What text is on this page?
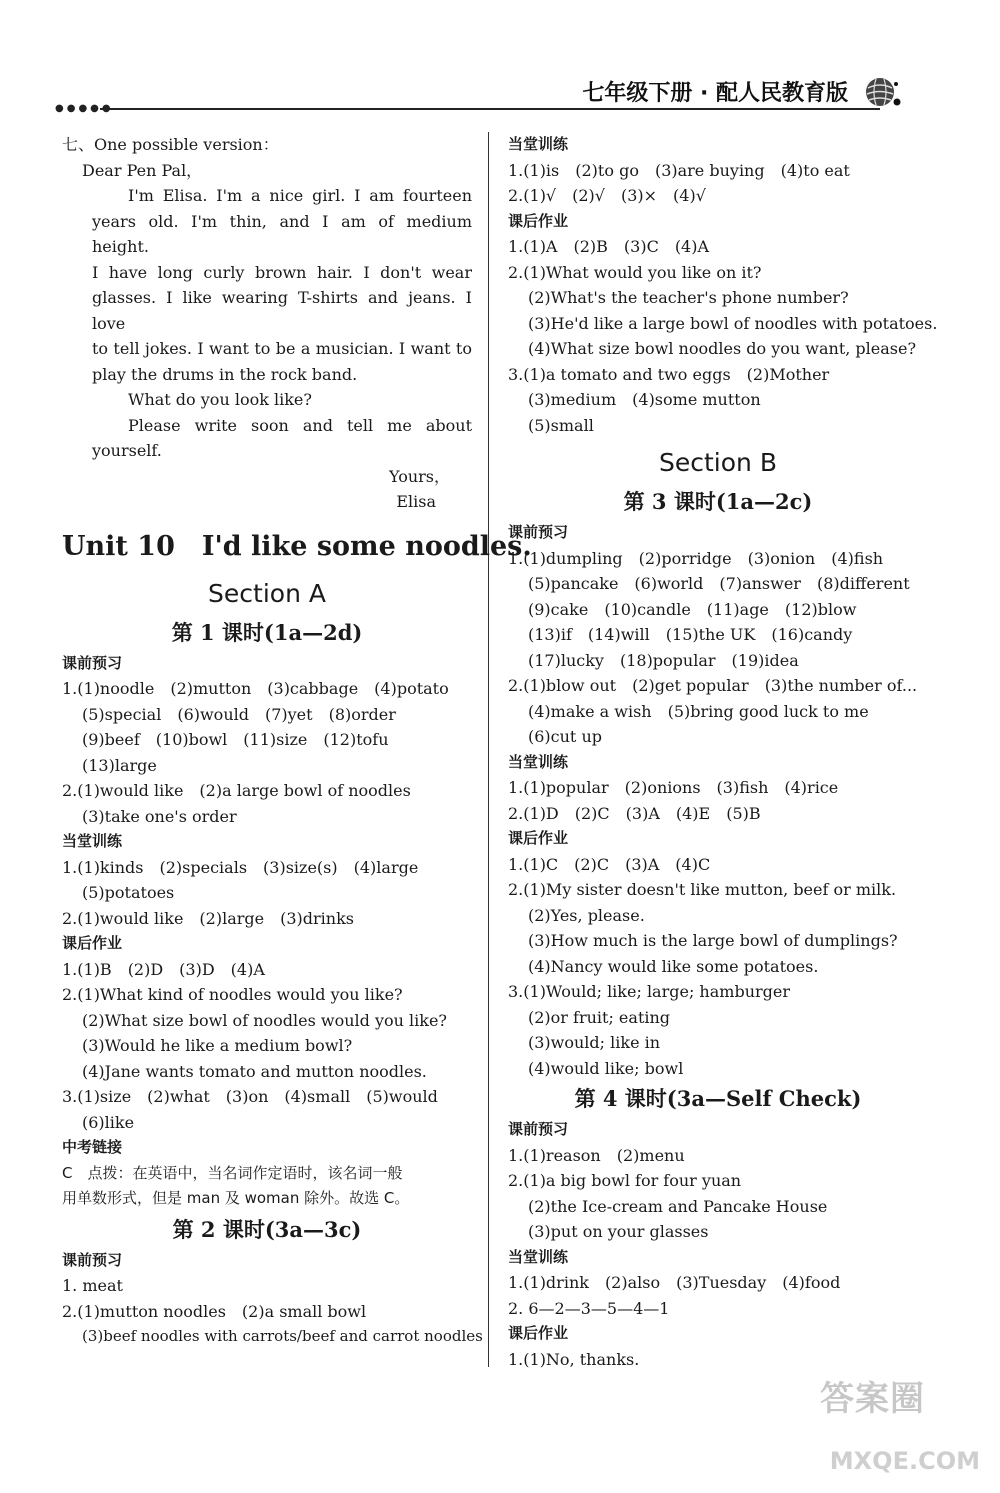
●●●●●
七年级下册 · 配人民教育版
七、One possible version：
Dear Pen Pal，
I'm Elisa. I'm a nice girl. I am fourteen
years old. I'm thin, and I am of medium height.
I have long curly brown hair. I don't wear
glasses. I like wearing T-shirts and jeans. I love
to tell jokes. I want to be a musician. I want to
play the drums in the rock band.
What do you look like?
Please write soon and tell me about
yourself.
Yours，
Elisa
Unit 10　I'd like some noodles.
Section A
第 1 课时(1a—2d)
课前预习
1.(1)noodle　(2)mutton　(3)cabbage　(4)potato
(5)special　(6)would　(7)yet　(8)order
(9)beef　(10)bowl　(11)size　(12)tofu
(13)large
2.(1)would like　(2)a large bowl of noodles
(3)take one's order
当堂训练
1.(1)kinds　(2)specials　(3)size(s)　(4)large
(5)potatoes
2.(1)would like　(2)large　(3)drinks
课后作业
1.(1)B　(2)D　(3)D　(4)A
2.(1)What kind of noodles would you like?
(2)What size bowl of noodles would you like?
(3)Would he like a medium bowl?
(4)Jane wants tomato and mutton noodles.
3.(1)size　(2)what　(3)on　(4)small　(5)would
(6)like
中考链接
C　点拨：在英语中，当名词作定语时，该名词一般
用单数形式，但是 man 及 woman 除外。故选 C。
第 2 课时(3a—3c)
课前预习
1. meat
2.(1)mutton noodles　(2)a small bowl
(3)beef noodles with carrots/beef and carrot noodles
当堂训练
1.(1)is　(2)to go　(3)are buying　(4)to eat
2.(1)√　(2)√　(3)×　(4)√
课后作业
1.(1)A　(2)B　(3)C　(4)A
2.(1)What would you like on it?
(2)What's the teacher's phone number?
(3)He'd like a large bowl of noodles with potatoes.
(4)What size bowl noodles do you want, please?
3.(1)a tomato and two eggs　(2)Mother
(3)medium　(4)some mutton
(5)small
Section B
第 3 课时(1a—2c)
课前预习
1.(1)dumpling　(2)porridge　(3)onion　(4)fish
(5)pancake　(6)world　(7)answer　(8)different
(9)cake　(10)candle　(11)age　(12)blow
(13)if　(14)will　(15)the UK　(16)candy
(17)lucky　(18)popular　(19)idea
2.(1)blow out　(2)get popular　(3)the number of...
(4)make a wish　(5)bring good luck to me
(6)cut up
当堂训练
1.(1)popular　(2)onions　(3)fish　(4)rice
2.(1)D　(2)C　(3)A　(4)E　(5)B
课后作业
1.(1)C　(2)C　(3)A　(4)C
2.(1)My sister doesn't like mutton, beef or milk.
(2)Yes, please.
(3)How much is the large bowl of dumplings?
(4)Nancy would like some potatoes.
3.(1)Would; like; large; hamburger
(2)or fruit; eating
(3)would; like in
(4)would like; bowl
第 4 课时(3a—Self Check)
课前预习
1.(1)reason　(2)menu
2.(1)a big bowl for four yuan
(2)the Ice-cream and Pancake House
(3)put on your glasses
当堂训练
1.(1)drink　(2)also　(3)Tuesday　(4)food
2. 6—2—3—5—4—1
课后作业
1.(1)No, thanks.
答案圈
MXQE.COM
